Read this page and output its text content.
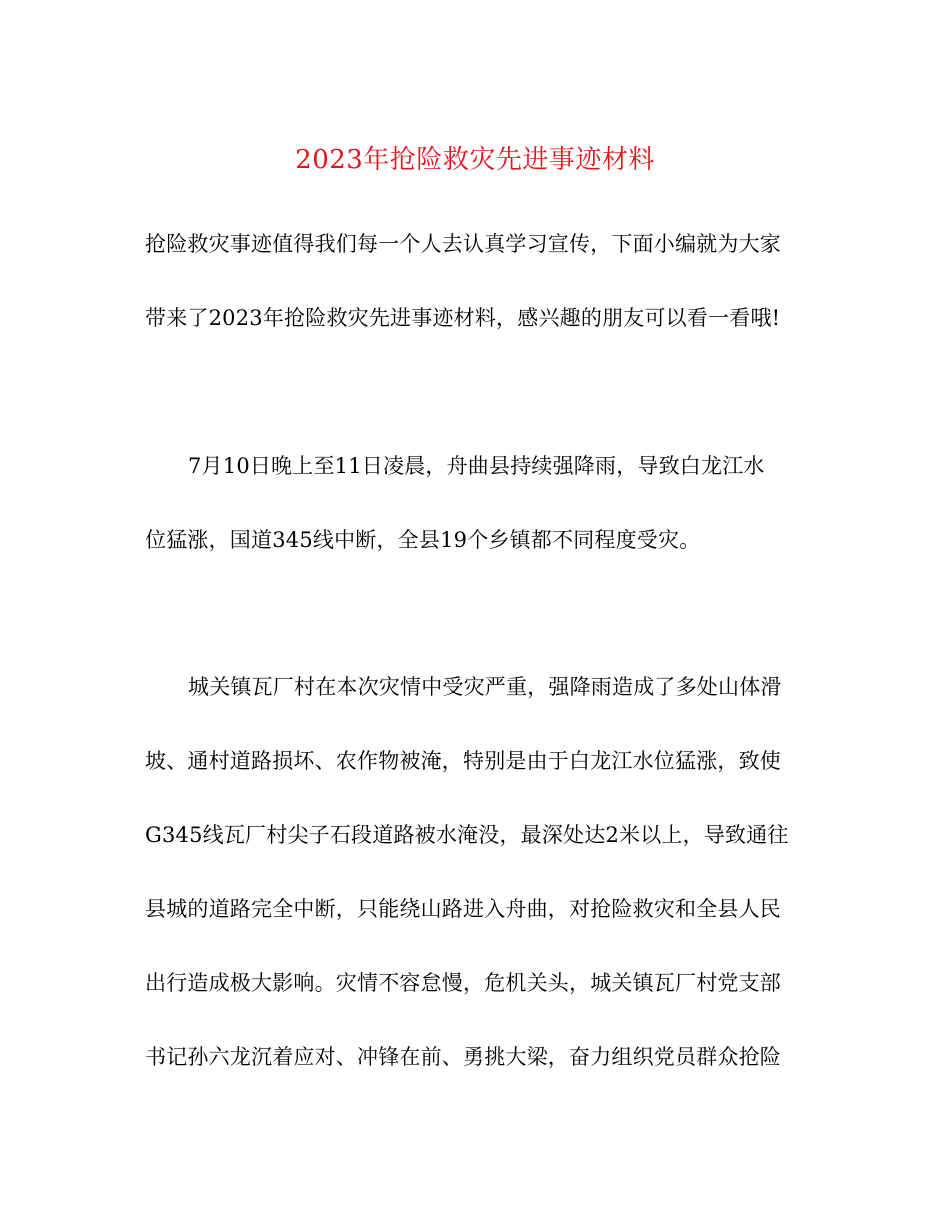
2023年抢险救灾先进事迹材料
抢险救灾事迹值得我们每一个人去认真学习宣传，下面小编就为大家
带来了2023年抢险救灾先进事迹材料，感兴趣的朋友可以看一看哦!
7月10日晚上至11日凌晨，舟曲县持续强降雨，导致白龙江水
位猛涨，国道345线中断，全县19个乡镇都不同程度受灾。
城关镇瓦厂村在本次灾情中受灾严重，强降雨造成了多处山体滑
坡、通村道路损坏、农作物被淹，特别是由于白龙江水位猛涨，致使
G345线瓦厂村尖子石段道路被水淹没，最深处达2米以上，导致通往
县城的道路完全中断，只能绕山路进入舟曲，对抢险救灾和全县人民
出行造成极大影响。灾情不容怠慢，危机关头，城关镇瓦厂村党支部
书记孙六龙沉着应对、冲锋在前、勇挑大梁，奋力组织党员群众抢险
